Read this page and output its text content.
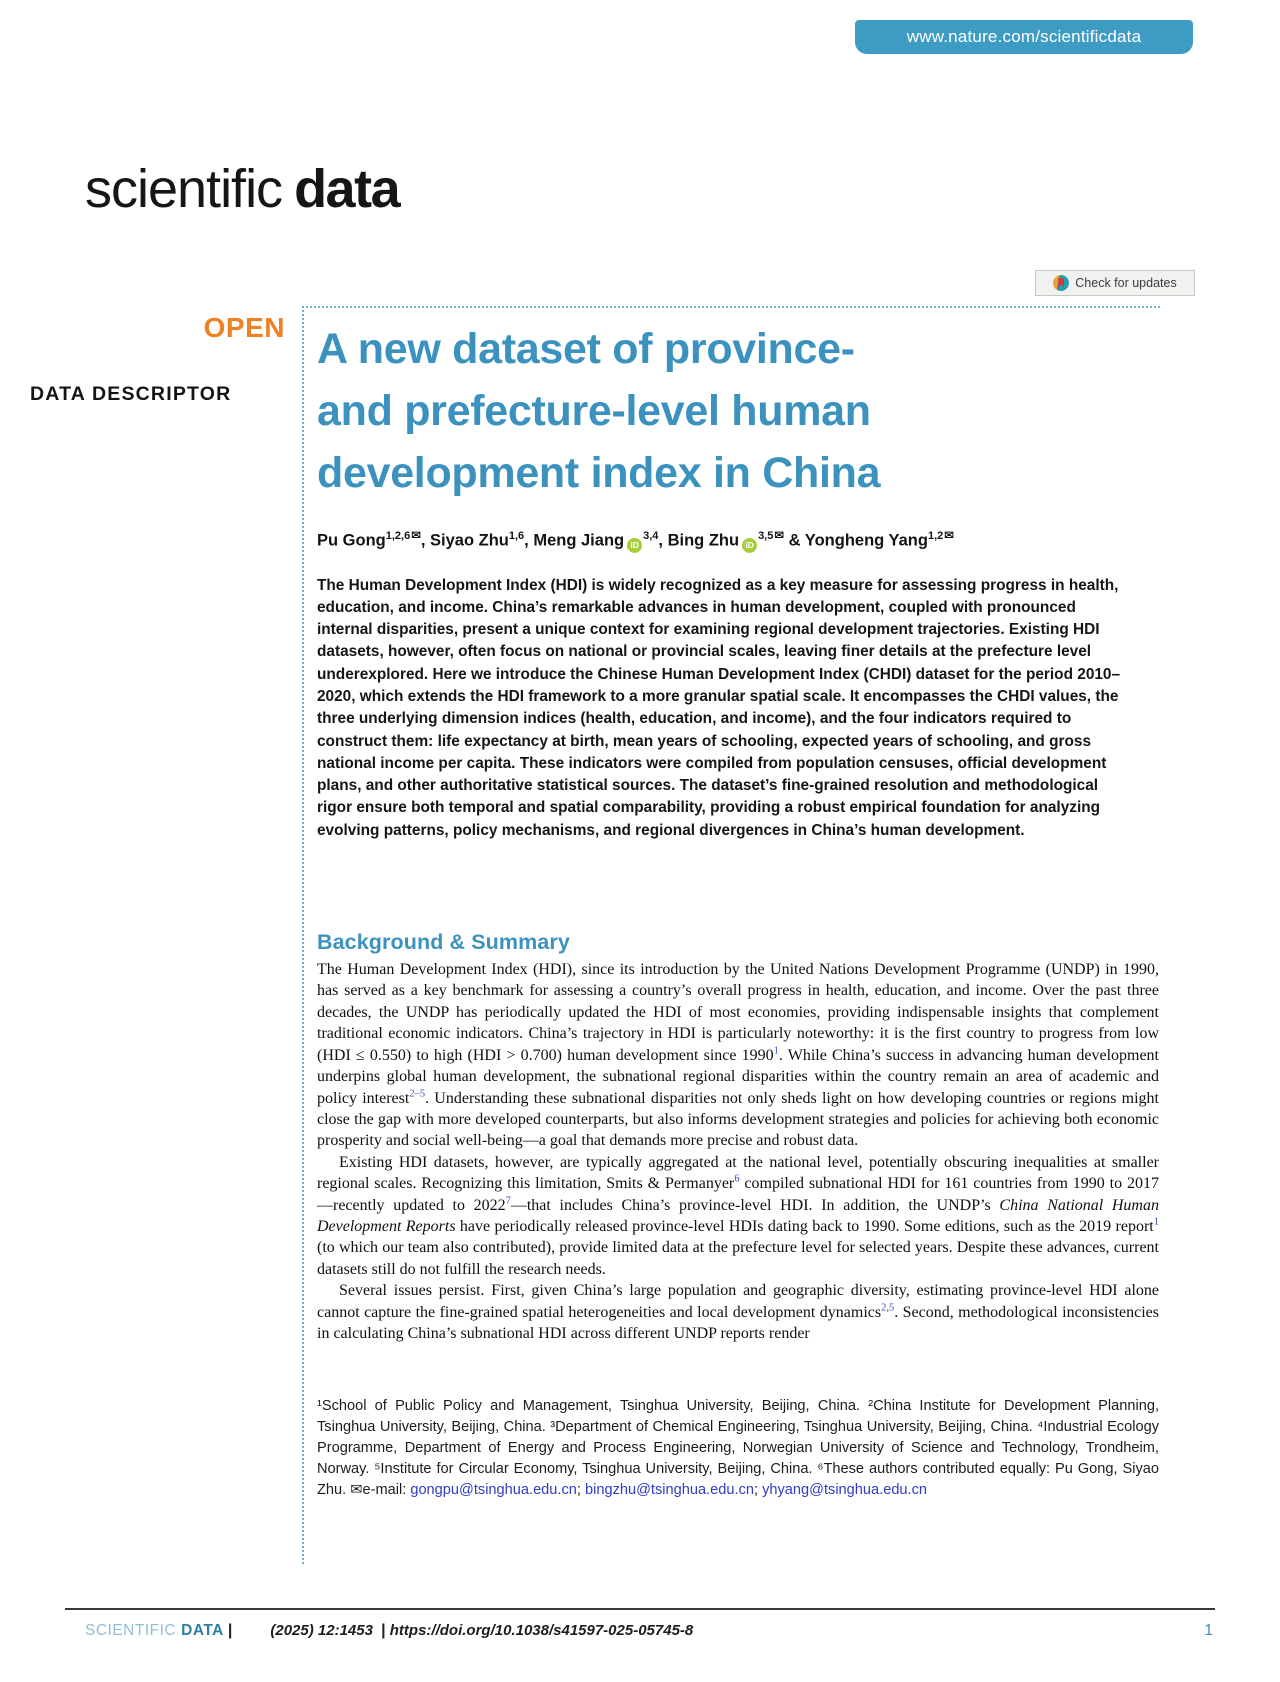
www.nature.com/scientificdata
scientific data
Check for updates
OPEN
DATA DESCRIPTOR
A new dataset of province-
and prefecture-level human
development index in China
Pu Gong$^{1,2,6✉}$, Siyao Zhu$^{1,6}$, Meng Jiang iD$^{3,4}$, Bing Zhu $iD^{3,5✉}$ & Yongheng Yang$^{1,2✉}$
The Human Development Index (HDI) is widely recognized as a key measure for assessing progress in health, education, and income. China’s remarkable advances in human development, coupled with pronounced internal disparities, present a unique context for examining regional development trajectories. Existing HDI datasets, however, often focus on national or provincial scales, leaving finer details at the prefecture level underexplored. Here we introduce the Chinese Human Development Index (CHDI) dataset for the period 2010–2020, which extends the HDI framework to a more granular spatial scale. It encompasses the CHDI values, the three underlying dimension indices (health, education, and income), and the four indicators required to construct them: life expectancy at birth, mean years of schooling, expected years of schooling, and gross national income per capita. These indicators were compiled from population censuses, official development plans, and other authoritative statistical sources. The dataset’s fine-grained resolution and methodological rigor ensure both temporal and spatial comparability, providing a robust empirical foundation for analyzing evolving patterns, policy mechanisms, and regional divergences in China’s human development.
Background & Summary

The Human Development Index (HDI), since its introduction by the United Nations Development Programme (UNDP) in 1990, has served as a key benchmark for assessing a country’s overall progress in health, education, and income. Over the past three decades, the UNDP has periodically updated the HDI of most economies, providing indispensable insights that complement traditional economic indicators. China’s trajectory in HDI is particularly noteworthy: it is the first country to progress from low (HDI ≤ 0.550) to high (HDI > 0.700) human development since 1990$^1$. While China’s success in advancing human development underpins global human development, the subnational regional disparities within the country remain an area of academic and policy interest$^{2-5}$. Understanding these subnational disparities not only sheds light on how developing countries or regions might close the gap with more developed counterparts, but also informs development strategies and policies for achieving both economic prosperity and social well-being—a goal that demands more precise and robust data.

Existing HDI datasets, however, are typically aggregated at the national level, potentially obscuring inequalities at smaller regional scales. Recognizing this limitation, Smits & Permanyer$^6$ compiled subnational HDI for 161 countries from 1990 to 2017—recently updated to 2022$^7$—that includes China’s province-level HDI. In addition, the UNDP’s China National Human Development Reports have periodically released province-level HDIs dating back to 1990. Some editions, such as the 2019 report$^1$ (to which our team also contributed), provide limited data at the prefecture level for selected years. Despite these advances, current datasets still do not fulfill the research needs.

Several issues persist. First, given China’s large population and geographic diversity, estimating province-level HDI alone cannot capture the fine-grained spatial heterogeneities and local development dynamics$^{2,5}$. Second, methodological inconsistencies in calculating China’s subnational HDI across different UNDP reports render

¹School of Public Policy and Management, Tsinghua University, Beijing, China. ²China Institute for Development Planning, Tsinghua University, Beijing, China. ³Department of Chemical Engineering, Tsinghua University, Beijing, China. ⁴Industrial Ecology Programme, Department of Energy and Process Engineering, Norwegian University of Science and Technology, Trondheim, Norway. ⁵Institute for Circular Economy, Tsinghua University, Beijing, China. ⁶These authors contributed equally: Pu Gong, Siyao Zhu. ✉e-mail: gongpu@tsinghua.edu.cn; bingzhu@tsinghua.edu.cn; yhyang@tsinghua.edu.cn
SCIENTIFIC DATA |	(2025) 12:1453 | https://doi.org/10.1038/s41597-025-05745-8	1
